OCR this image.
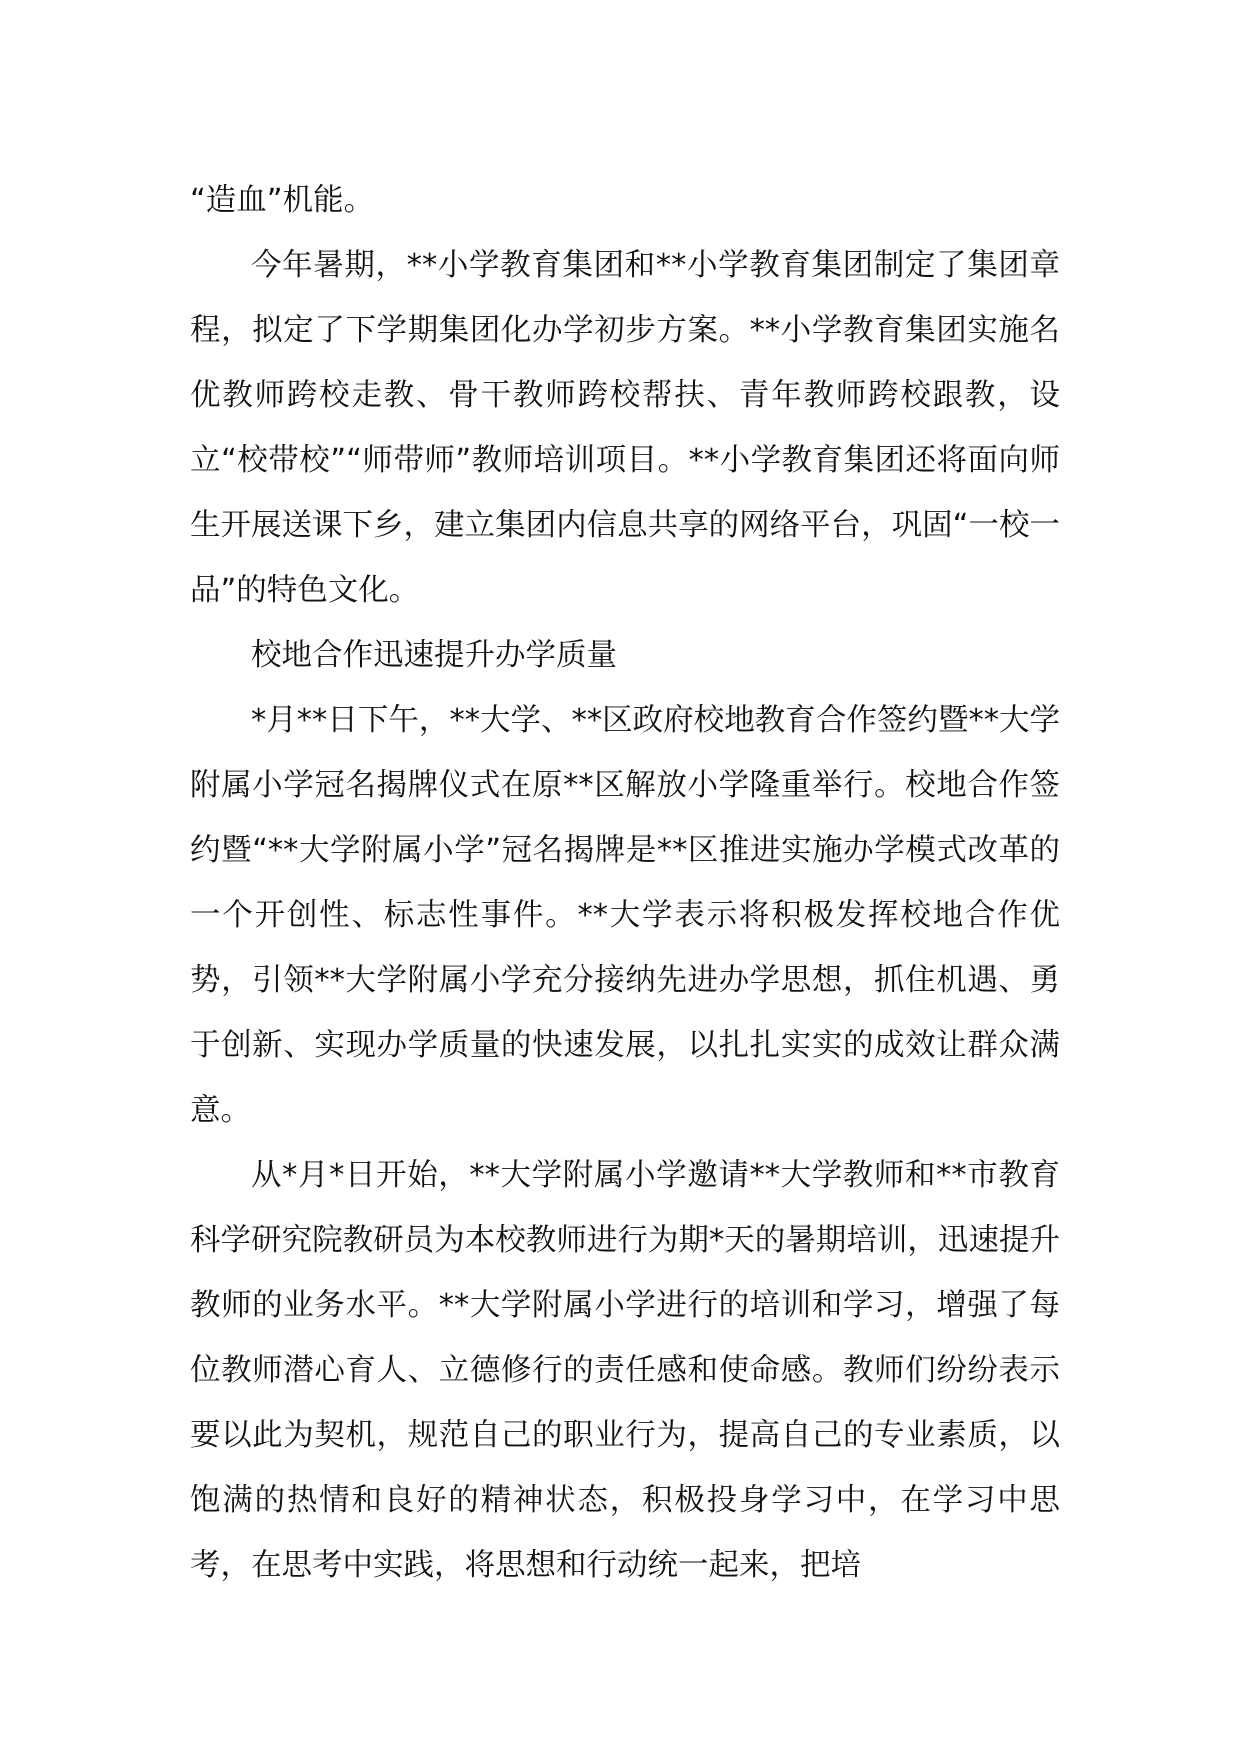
“造血”机能。

今年暑期，**小学教育集团和**小学教育集团制定了集团章程，拟定了下学期集团化办学初步方案。**小学教育集团实施名优教师跨校走教、骨干教师跨校帮扶、青年教师跨校跟教，设立“校带校”“师带师”教师培训项目。**小学教育集团还将面向师生开展送课下乡，建立集团内信息共享的网络平台，巩固“一校一品”的特色文化。

校地合作迅速提升办学质量

*月**日下午，**大学、**区政府校地教育合作签约暨**大学附属小学冠名揭牌仪式在原**区解放小学隆重举行。校地合作签约暨“**大学附属小学”冠名揭牌是**区推进实施办学模式改革的一个开创性、标志性事件。**大学表示将积极发挥校地合作优势，引领**大学附属小学充分接纳先进办学思想，抓住机遇、勇于创新、实现办学质量的快速发展，以扎扎实实的成效让群众满意。

从*月*日开始，**大学附属小学邀请**大学教师和**市教育科学研究院教研员为本校教师进行为期*天的暑期培训，迅速提升教师的业务水平。**大学附属小学进行的培训和学习，增强了每位教师潜心育人、立德修行的责任感和使命感。教师们纷纷表示要以此为契机，规范自己的职业行为，提高自己的专业素质，以饱满的热情和良好的精神状态，积极投身学习中，在学习中思考，在思考中实践，将思想和行动统一起来，把培
